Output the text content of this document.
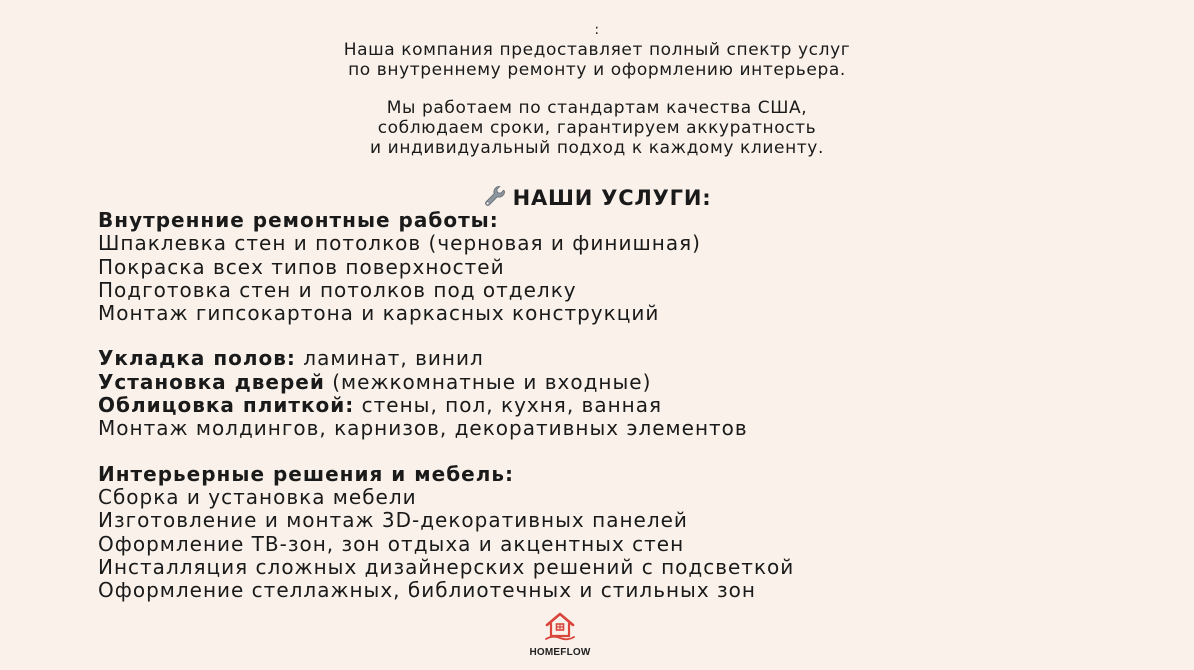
:
Наша компания предоставляет полный спектр услуг
по внутреннему ремонту и оформлению интерьера.
Мы работаем по стандартам качества США,
соблюдаем сроки, гарантируем аккуратность
и индивидуальный подход к каждому клиенту.
НАШИ УСЛУГИ:
Внутренние ремонтные работы:
Шпаклевка стен и потолков (черновая и финишная)
Покраска всех типов поверхностей
Подготовка стен и потолков под отделку
Монтаж гипсокартона и каркасных конструкций
Укладка полов: ламинат, винил
Установка дверей (межкомнатные и входные)
Облицовка плиткой: стены, пол, кухня, ванная
Монтаж молдингов, карнизов, декоративных элементов
Интерьерные решения и мебель:
Сборка и установка мебели
Изготовление и монтаж 3D-декоративных панелей
Оформление ТВ-зон, зон отдыха и акцентных стен
Инсталляция сложных дизайнерских решений с подсветкой
Оформление стеллажных, библиотечных и стильных зон
HOMEFLOW
